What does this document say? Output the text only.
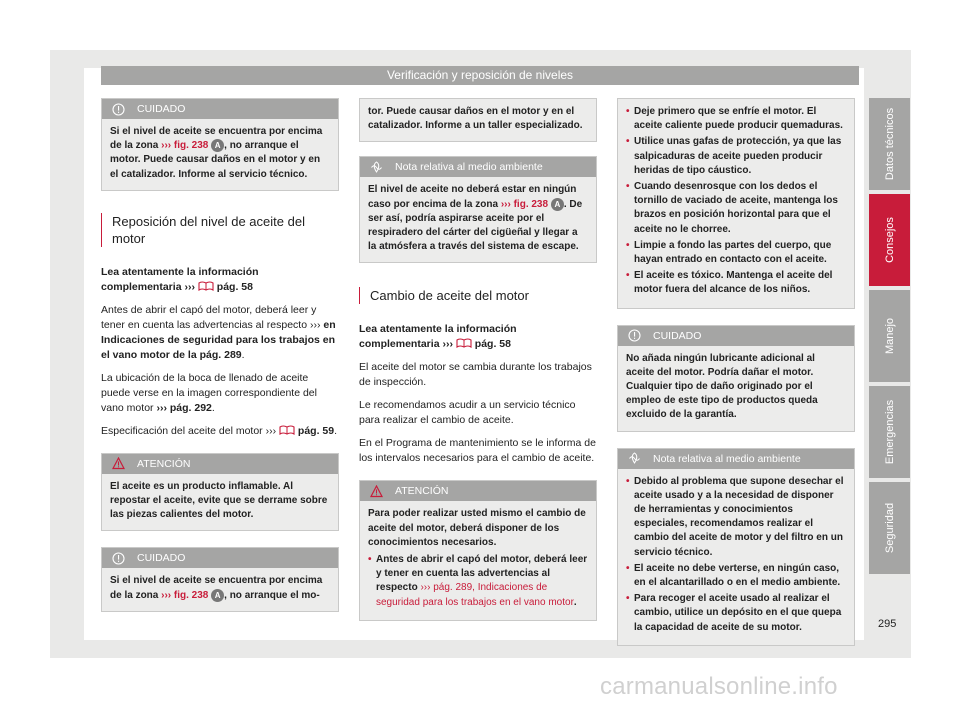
Verificación y reposición de niveles
CUIDADO
Si el nivel de aceite se encuentra por encima de la zona ››› fig. 238 A , no arranque el motor. Puede causar daños en el motor y en el catalizador. Informe al servicio técnico.
Reposición del nivel de aceite del motor

Lea atentamente la información complementaria ›››  pág. 58

Antes de abrir el capó del motor, deberá leer y tener en cuenta las advertencias al respecto ››› en Indicaciones de seguridad para los trabajos en el vano motor de la pág. 289.

La ubicación de la boca de llenado de aceite puede verse en la imagen correspondiente del vano motor ››› pág. 292.

Especificación del aceite del motor ›››  pág. 59.

ATENCIÓN
El aceite es un producto inflamable. Al repostar el aceite, evite que se derrame sobre las piezas calientes del motor.
CUIDADO
Si el nivel de aceite se encuentra por encima de la zona ››› fig. 238 A , no arranque el mo-
tor. Puede causar daños en el motor y en el catalizador. Informe a un taller especializado.
Nota relativa al medio ambiente
El nivel de aceite no deberá estar en ningún caso por encima de la zona ››› fig. 238 A . De ser así, podría aspirarse aceite por el respiradero del cárter del cigüeñal y llegar a la atmósfera a través del sistema de escape.
Cambio de aceite del motor

Lea atentamente la información complementaria ›››  pág. 58

El aceite del motor se cambia durante los trabajos de inspección.

Le recomendamos acudir a un servicio técnico para realizar el cambio de aceite.

En el Programa de mantenimiento se le informa de los intervalos necesarios para el cambio de aceite.

ATENCIÓN

Para poder realizar usted mismo el cambio de aceite del motor, deberá disponer de los conocimientos necesarios.

• Antes de abrir el capó del motor, deberá leer y tener en cuenta las advertencias al respecto ››› pág. 289, Indicaciones de seguridad para los trabajos en el vano motor.

• Deje primero que se enfríe el motor. El aceite caliente puede producir quemaduras.

• Utilice unas gafas de protección, ya que las salpicaduras de aceite pueden producir heridas de tipo cáustico.

• Cuando desenrosque con los dedos el tornillo de vaciado de aceite, mantenga los brazos en posición horizontal para que el aceite no le chorree.

• Limpie a fondo las partes del cuerpo, que hayan entrado en contacto con el aceite.

• El aceite es tóxico. Mantenga el aceite del motor fuera del alcance de los niños.

CUIDADO
No añada ningún lubricante adicional al aceite del motor. Podría dañar el motor. Cualquier tipo de daño originado por el empleo de este tipo de productos queda excluido de la garantía.
Nota relativa al medio ambiente

• Debido al problema que supone desechar el aceite usado y a la necesidad de disponer de herramientas y conocimientos especiales, recomendamos realizar el cambio del aceite de motor y del filtro en un servicio técnico.

• El aceite no debe verterse, en ningún caso, en el alcantarillado o en el medio ambiente.

• Para recoger el aceite usado al realizar el cambio, utilice un depósito en el que quepa la capacidad de aceite de su motor.

Datos técnicos
Consejos
Manejo
Emergencias
Seguridad
295
carmanualsonline.info
